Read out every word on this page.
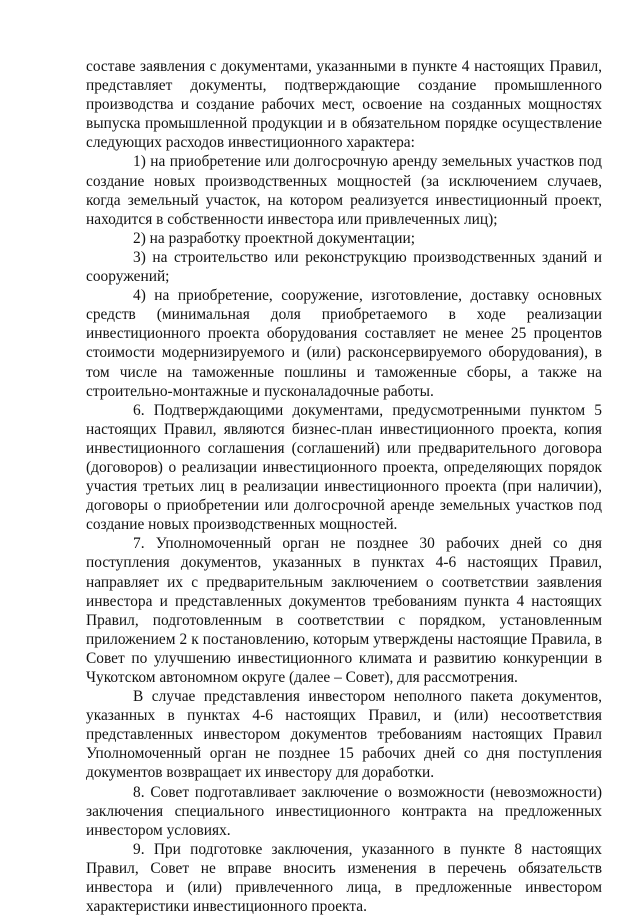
составе заявления с документами, указанными в пункте 4 настоящих Правил, представляет документы, подтверждающие создание промышленного производства и создание рабочих мест, освоение на созданных мощностях выпуска промышленной продукции и в обязательном порядке осуществление следующих расходов инвестиционного характера:

1) на приобретение или долгосрочную аренду земельных участков под создание новых производственных мощностей (за исключением случаев, когда земельный участок, на котором реализуется инвестиционный проект, находится в собственности инвестора или привлеченных лиц);

2) на разработку проектной документации;

3) на строительство или реконструкцию производственных зданий и сооружений;

4) на приобретение, сооружение, изготовление, доставку основных средств (минимальная доля приобретаемого в ходе реализации инвестиционного проекта оборудования составляет не менее 25 процентов стоимости модернизируемого и (или) расконсервируемого оборудования), в том числе на таможенные пошлины и таможенные сборы, а также на строительно-монтажные и пусконаладочные работы.

6. Подтверждающими документами, предусмотренными пунктом 5 настоящих Правил, являются бизнес-план инвестиционного проекта, копия инвестиционного соглашения (соглашений) или предварительного договора (договоров) о реализации инвестиционного проекта, определяющих порядок участия третьих лиц в реализации инвестиционного проекта (при наличии), договоры о приобретении или долгосрочной аренде земельных участков под создание новых производственных мощностей.

7. Уполномоченный орган не позднее 30 рабочих дней со дня поступления документов, указанных в пунктах 4-6 настоящих Правил, направляет их с предварительным заключением о соответствии заявления инвестора и представленных документов требованиям пункта 4 настоящих Правил, подготовленным в соответствии с порядком, установленным приложением 2 к постановлению, которым утверждены настоящие Правила, в Совет по улучшению инвестиционного климата и развитию конкуренции в Чукотском автономном округе (далее – Совет), для рассмотрения.

В случае представления инвестором неполного пакета документов, указанных в пунктах 4-6 настоящих Правил, и (или) несоответствия представленных инвестором документов требованиям настоящих Правил Уполномоченный орган не позднее 15 рабочих дней со дня поступления документов возвращает их инвестору для доработки.

8. Совет подготавливает заключение о возможности (невозможности) заключения специального инвестиционного контракта на предложенных инвестором условиях.

9. При подготовке заключения, указанного в пункте 8 настоящих Правил, Совет не вправе вносить изменения в перечень обязательств инвестора и (или) привлеченного лица, в предложенные инвестором характеристики инвестиционного проекта.
